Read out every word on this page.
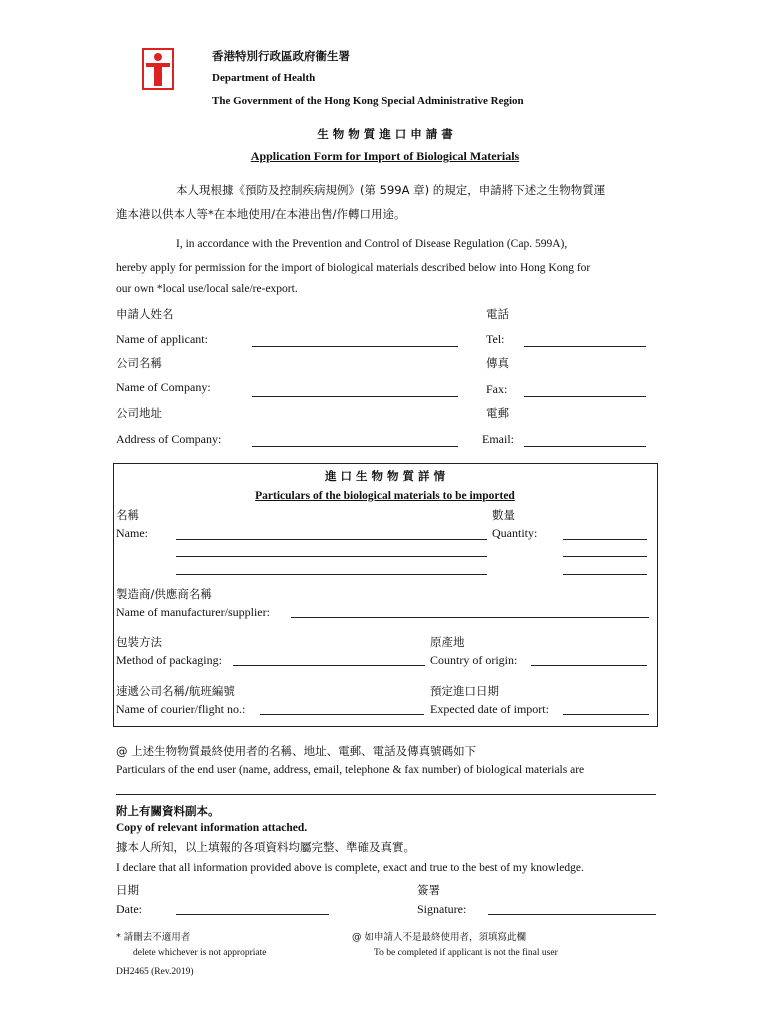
香港特別行政區政府衞生署
Department of Health
The Government of the Hong Kong Special Administrative Region
生 物 物 質 進 口 申 請 書
Application Form for Import of Biological Materials
本人現根據《預防及控制疾病規例》(第 599A 章) 的規定，申請將下述之生物物質運
進本港以供本人等*在本地使用/在本港出售/作轉口用途。
I, in accordance with the Prevention and Control of Disease Regulation (Cap. 599A),
hereby apply for permission for the import of biological materials described below into Hong Kong for
our own *local use/local sale/re-export.
申請人姓名	電話
Name of applicant:	Tel:
公司名稱	傳真
Name of Company:	Fax:
公司地址	電郵
Address of Company:	Email:
進 口 生 物 物 質 詳 情
Particulars of the biological materials to be imported
名稱	數量
Name:	Quantity:
製造商/供應商名稱
Name of manufacturer/supplier:
包裝方法	原產地
Method of packaging:	Country of origin:
速遞公司名稱/航班編號	預定進口日期
Name of courier/flight no.:	Expected date of import:
@ 上述生物物質最終使用者的名稱、地址、電郵、電話及傳真號碼如下
Particulars of the end user (name, address, email, telephone & fax number) of biological materials are
附上有關資料副本。
Copy of relevant information attached.
據本人所知，以上填報的各項資料均屬完整、準確及真實。
I declare that all information provided above is complete, exact and true to the best of my knowledge.
日期	簽署
Date:	Signature:
* 請刪去不適用者	@ 如申請人不是最終使用者，須填寫此欄
delete whichever is not appropriate	To be completed if applicant is not the final user
DH2465 (Rev.2019)
